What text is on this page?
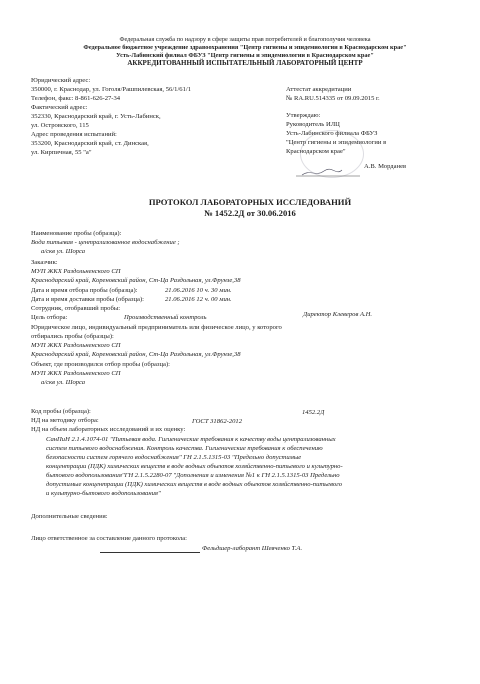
Федеральная служба по надзору в сфере защиты прав потребителей и благополучия человека
Федеральное бюджетное учреждение здравоохранения "Центр гигиены и эпидемиологии в Краснодарском крае"
Усть-Лабинский филиал ФБУЗ "Центр гигиены и эпидемиологии в Краснодарском крае"
АККРЕДИТОВАННЫЙ ИСПЫТАТЕЛЬНЫЙ ЛАБОРАТОРНЫЙ ЦЕНТР
Юридический адрес:
350000, г. Краснодар, ул. Гоголя/Рашпилевская, 56/1/61/1
Телефон, факс: 8-861-626-27-34
Фактический адрес:
352330, Краснодарский край, г. Усть-Лабинск,
ул. Островского, 115
Адрес проведения испытаний:
353200, Краснодарский край, ст. Динская,
ул. Кирпичная, 55 "а"
Аттестат аккредитации
№ RA.RU.514335 от 09.09.2015 г.
Утверждаю:
Руководитель ИЛЦ
Усть-Лабинского филиала ФБУЗ
"Центр гигиены и эпидемиологии в
Краснодарском крае"
А.В. Морданев
ПРОТОКОЛ ЛАБОРАТОРНЫХ ИССЛЕДОВАНИЙ
№ 1452.2Д от 30.06.2016
Наименование пробы (образца):
Вода питьевая - централизованное водоснабжение ;
а/скв ул. Шорса
Заказчик:
МУП ЖКХ Раздольненского СП
Краснодарский край, Кореновский район, Ст-Ца Раздольная, ул.Фрунзе,38
Дата и время отбора пробы (образца):	21.06.2016 10 ч. 30 мин.
Дата и время доставки пробы (образца):	21.06.2016 12 ч. 00 мин.
Сотрудник, отобравший пробы:
Директор Клеверов А.Н.
Цель отбора:	Производственный контроль
Юридическое лицо, индивидуальный предприниматель или физическое лицо, у которого
отбирались пробы (образцы):
МУП ЖКХ Раздольненского СП
Краснодарский край, Кореновский район, Ст-Ца Раздольная, ул.Фрунзе,38
Объект, где производился отбор пробы (образца):
МУП ЖКХ Раздольненского СП
а/скв ул. Шорса
Код пробы (образца):	1452.2Д
НД на методику отбора:	ГОСТ 31862-2012
НД на объем лабораторных исследований и их оценку:
СанПиН 2.1.4.1074-01 "Питьевая вода. Гигиенические требования к качеству воды централизованных
систем питьевого водоснабжения. Контроль качества. Гигиенические требования к обеспечению
безопасности систем горячего водоснабжения" ГН 2.1.5.1315-03 "Предельно допустимые
концентрации (ПДК) химических веществ в воде водных объектов хозяйственно-питьевого и культурно-
бытового водопользования"ГН 2.1.5.2280-07 "Дополнения и изменения №1 к ГН 2.1.5.1315-03 Предельно
допустимые концентрации (ПДК) химических веществ в воде водных объектов хозяйственно-питьевого
и культурно-бытового водопользования"
Дополнительные сведения:
Лицо ответственное за составление данного протокола:
Фельдшер-лаборант Шевченко Т.А.
